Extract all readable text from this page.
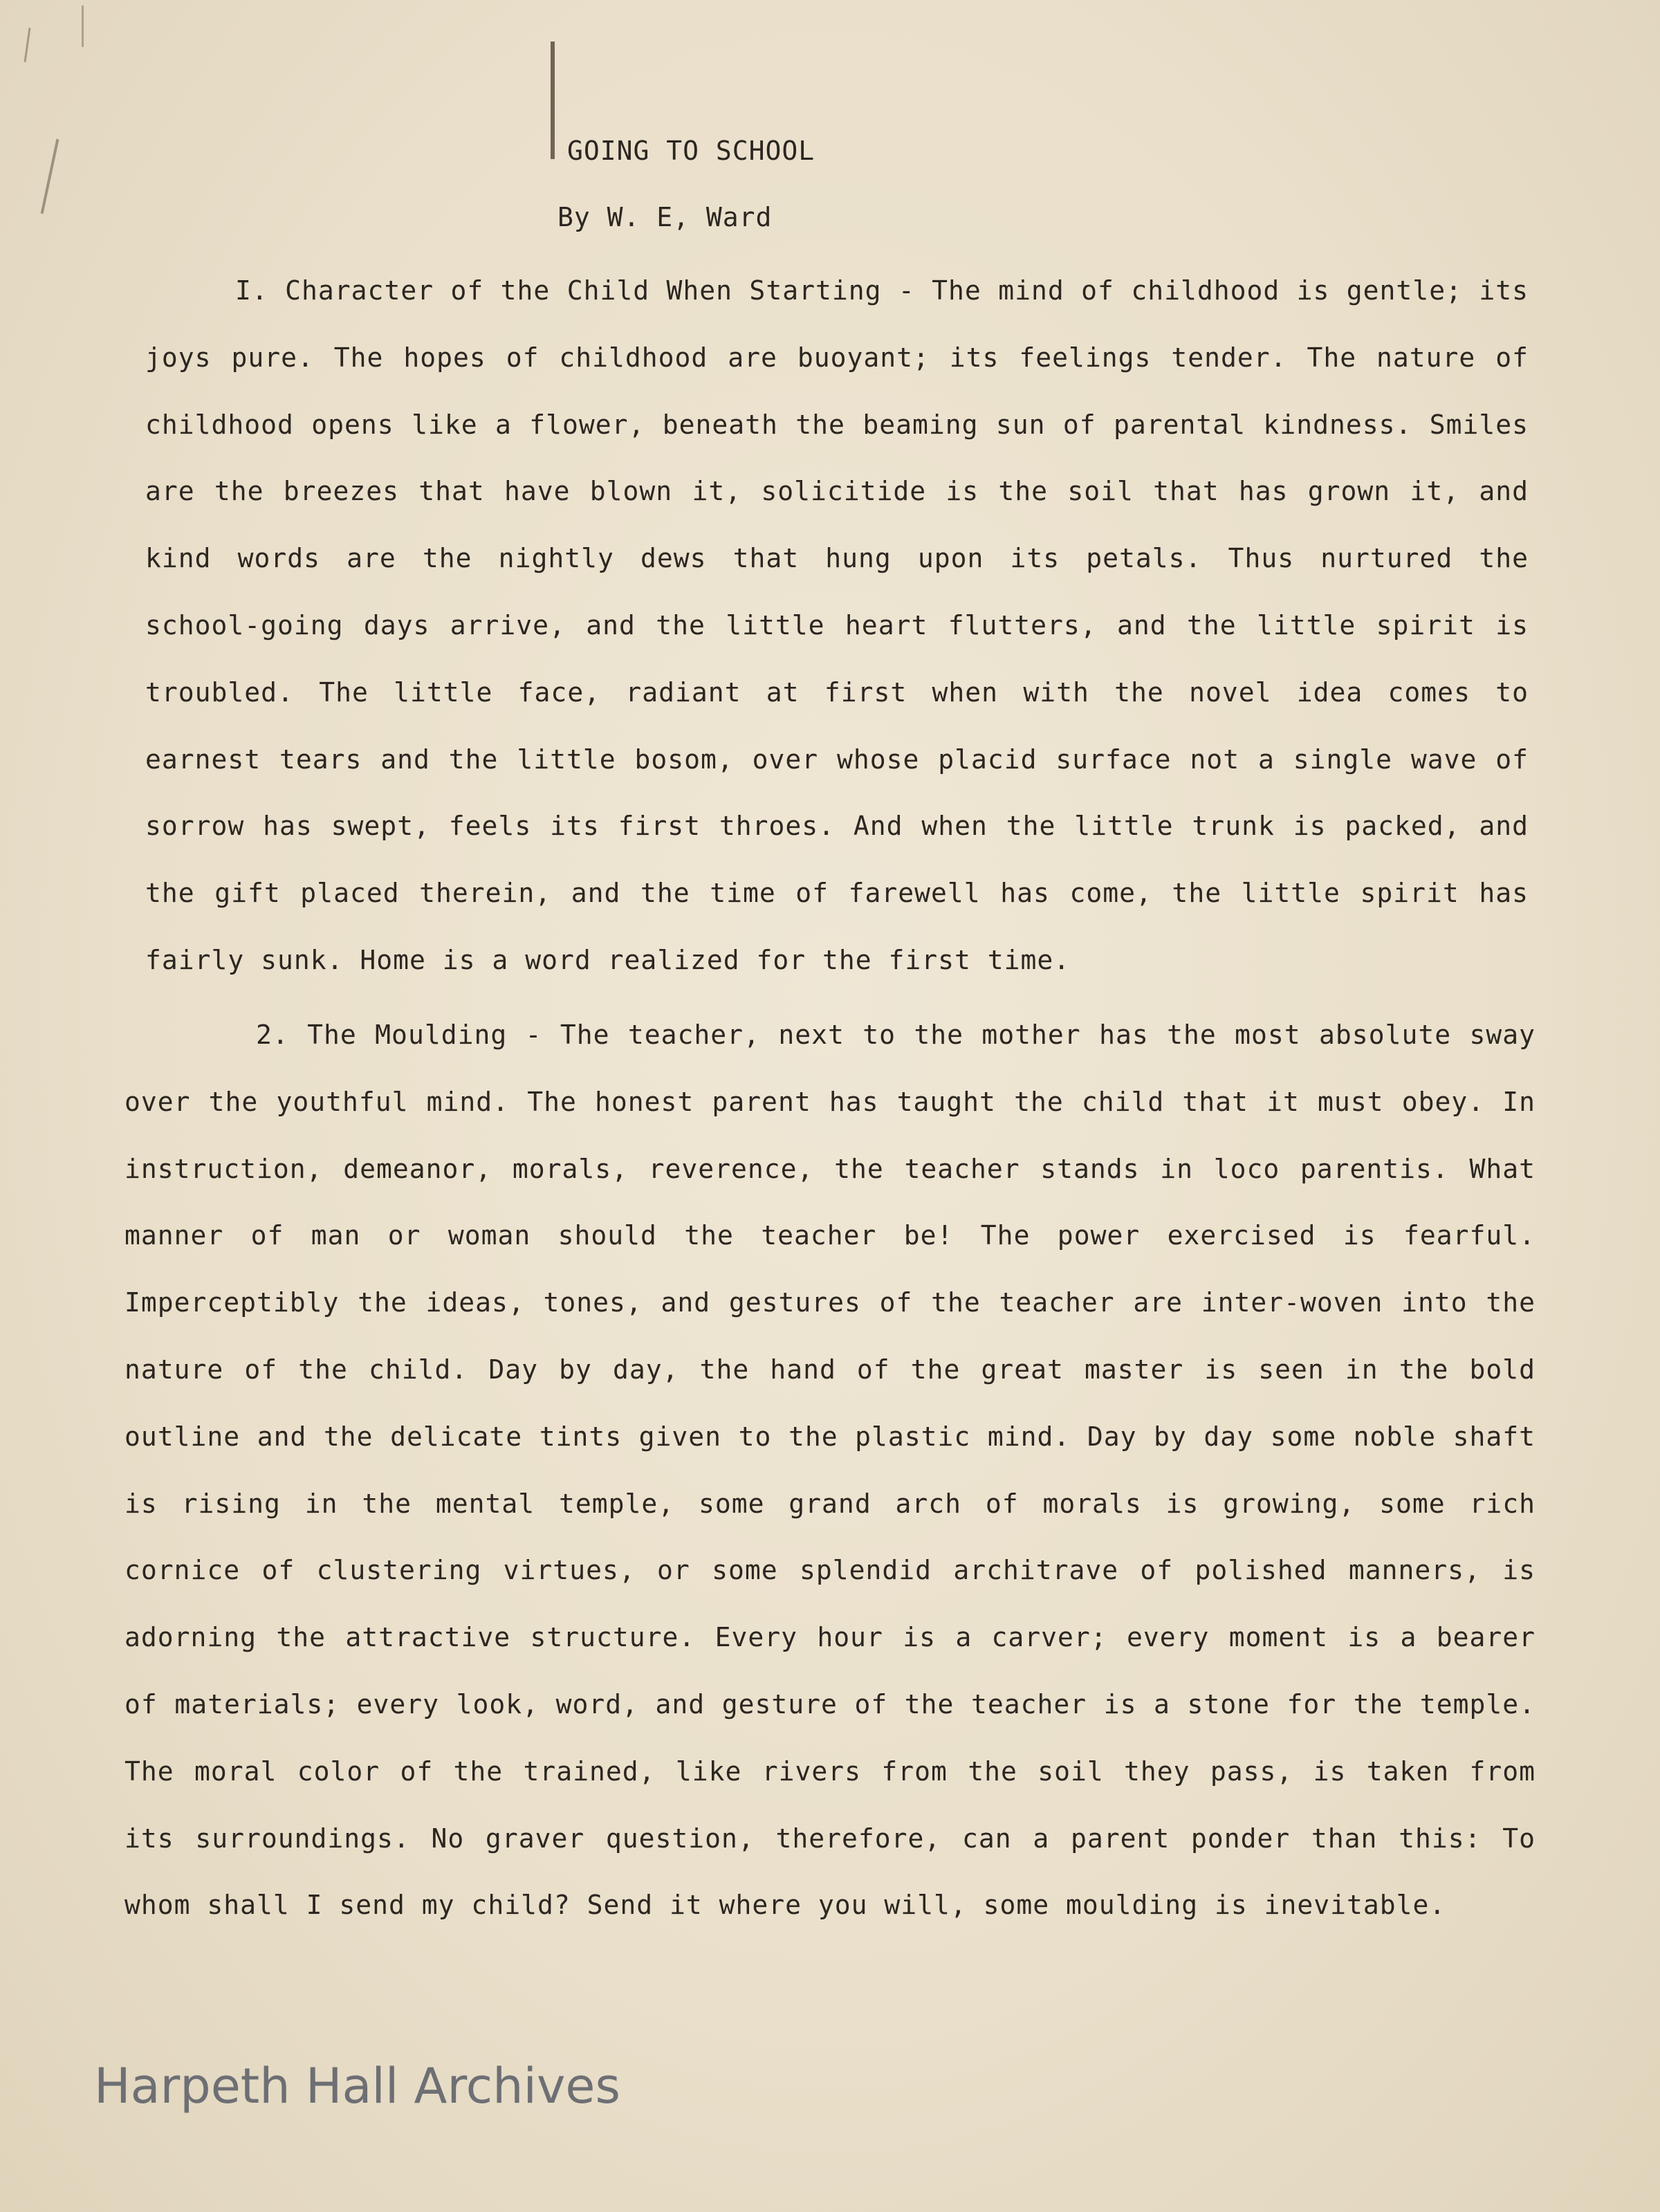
GOING TO SCHOOL
By W. E, Ward

I. Character of the Child When Starting - The mind of childhood is gentle; its joys pure. The hopes of childhood are buoyant; its feelings tender. The nature of childhood opens like a flower, beneath the beaming sun of parental kindness. Smiles are the breezes that have blown it, solicitide is the soil that has grown it, and kind words are the nightly dews that hung upon its petals. Thus nurtured the school-going days arrive, and the little heart flutters, and the little spirit is troubled. The little face, radiant at first when with the novel idea comes to earnest tears and the little bosom, over whose placid surface not a single wave of sorrow has swept, feels its first throes. And when the little trunk is packed, and the gift placed therein, and the time of farewell has come, the little spirit has fairly sunk. Home is a word realized for the first time.

2. The Moulding - The teacher, next to the mother has the most absolute sway over the youthful mind. The honest parent has taught the child that it must obey. In instruction, demeanor, morals, reverence, the teacher stands in loco parentis. What manner of man or woman should the teacher be! The power exercised is fearful. Imperceptibly the ideas, tones, and gestures of the teacher are inter-woven into the nature of the child. Day by day, the hand of the great master is seen in the bold outline and the delicate tints given to the plastic mind. Day by day some noble shaft is rising in the mental temple, some grand arch of morals is growing, some rich cornice of clustering virtues, or some splendid architrave of polished manners, is adorning the attractive structure. Every hour is a carver; every moment is a bearer of materials; every look, word, and gesture of the teacher is a stone for the temple. The moral color of the trained, like rivers from the soil they pass, is taken from its surroundings. No graver question, therefore, can a parent ponder than this: To whom shall I send my child? Send it where you will, some moulding is inevitable.

Harpeth Hall Archives
